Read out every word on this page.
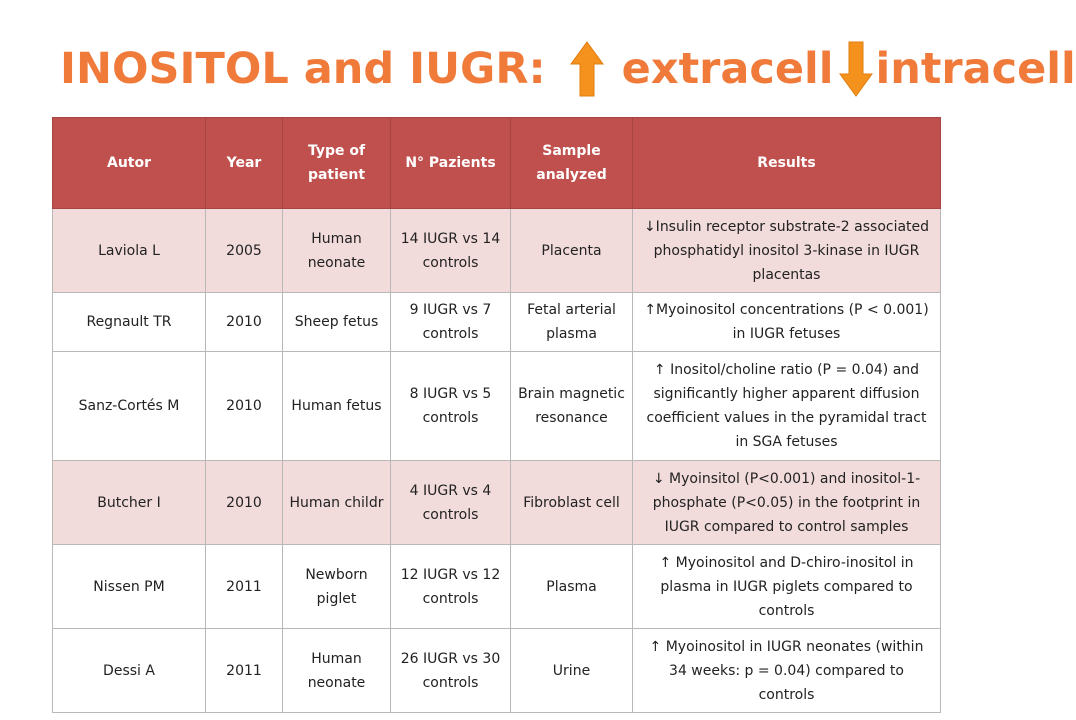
INOSITOL and IUGR: extracell intracell
Autor	Year	Type of patient	N° Pazients	Sample analyzed	Results
Laviola L	2005	Human neonate	14 IUGR vs 14 controls	Placenta	↓Insulin receptor substrate-2 associated phosphatidyl inositol 3-kinase in IUGR placentas
Regnault TR	2010	Sheep fetus	9 IUGR vs 7 controls	Fetal arterial plasma	↑Myoinositol concentrations (P < 0.001) in IUGR fetuses
Sanz-Cortés M	2010	Human fetus	8 IUGR vs 5 controls	Brain magnetic resonance	↑ Inositol/choline ratio (P = 0.04) and significantly higher apparent diffusion coefficient values in the pyramidal tract in SGA fetuses
Butcher I	2010	Human childr	4 IUGR vs 4 controls	Fibroblast cell	↓ Myoinsitol (P<0.001) and inositol-1-phosphate (P<0.05) in the footprint in IUGR compared to control samples
Nissen PM	2011	Newborn piglet	12 IUGR vs 12 controls	Plasma	↑ Myoinositol and D-chiro-inositol in plasma in IUGR piglets compared to controls
Dessi A	2011	Human neonate	26 IUGR vs 30 controls	Urine	↑ Myoinositol in IUGR neonates (within 34 weeks: p = 0.04) compared to controls
